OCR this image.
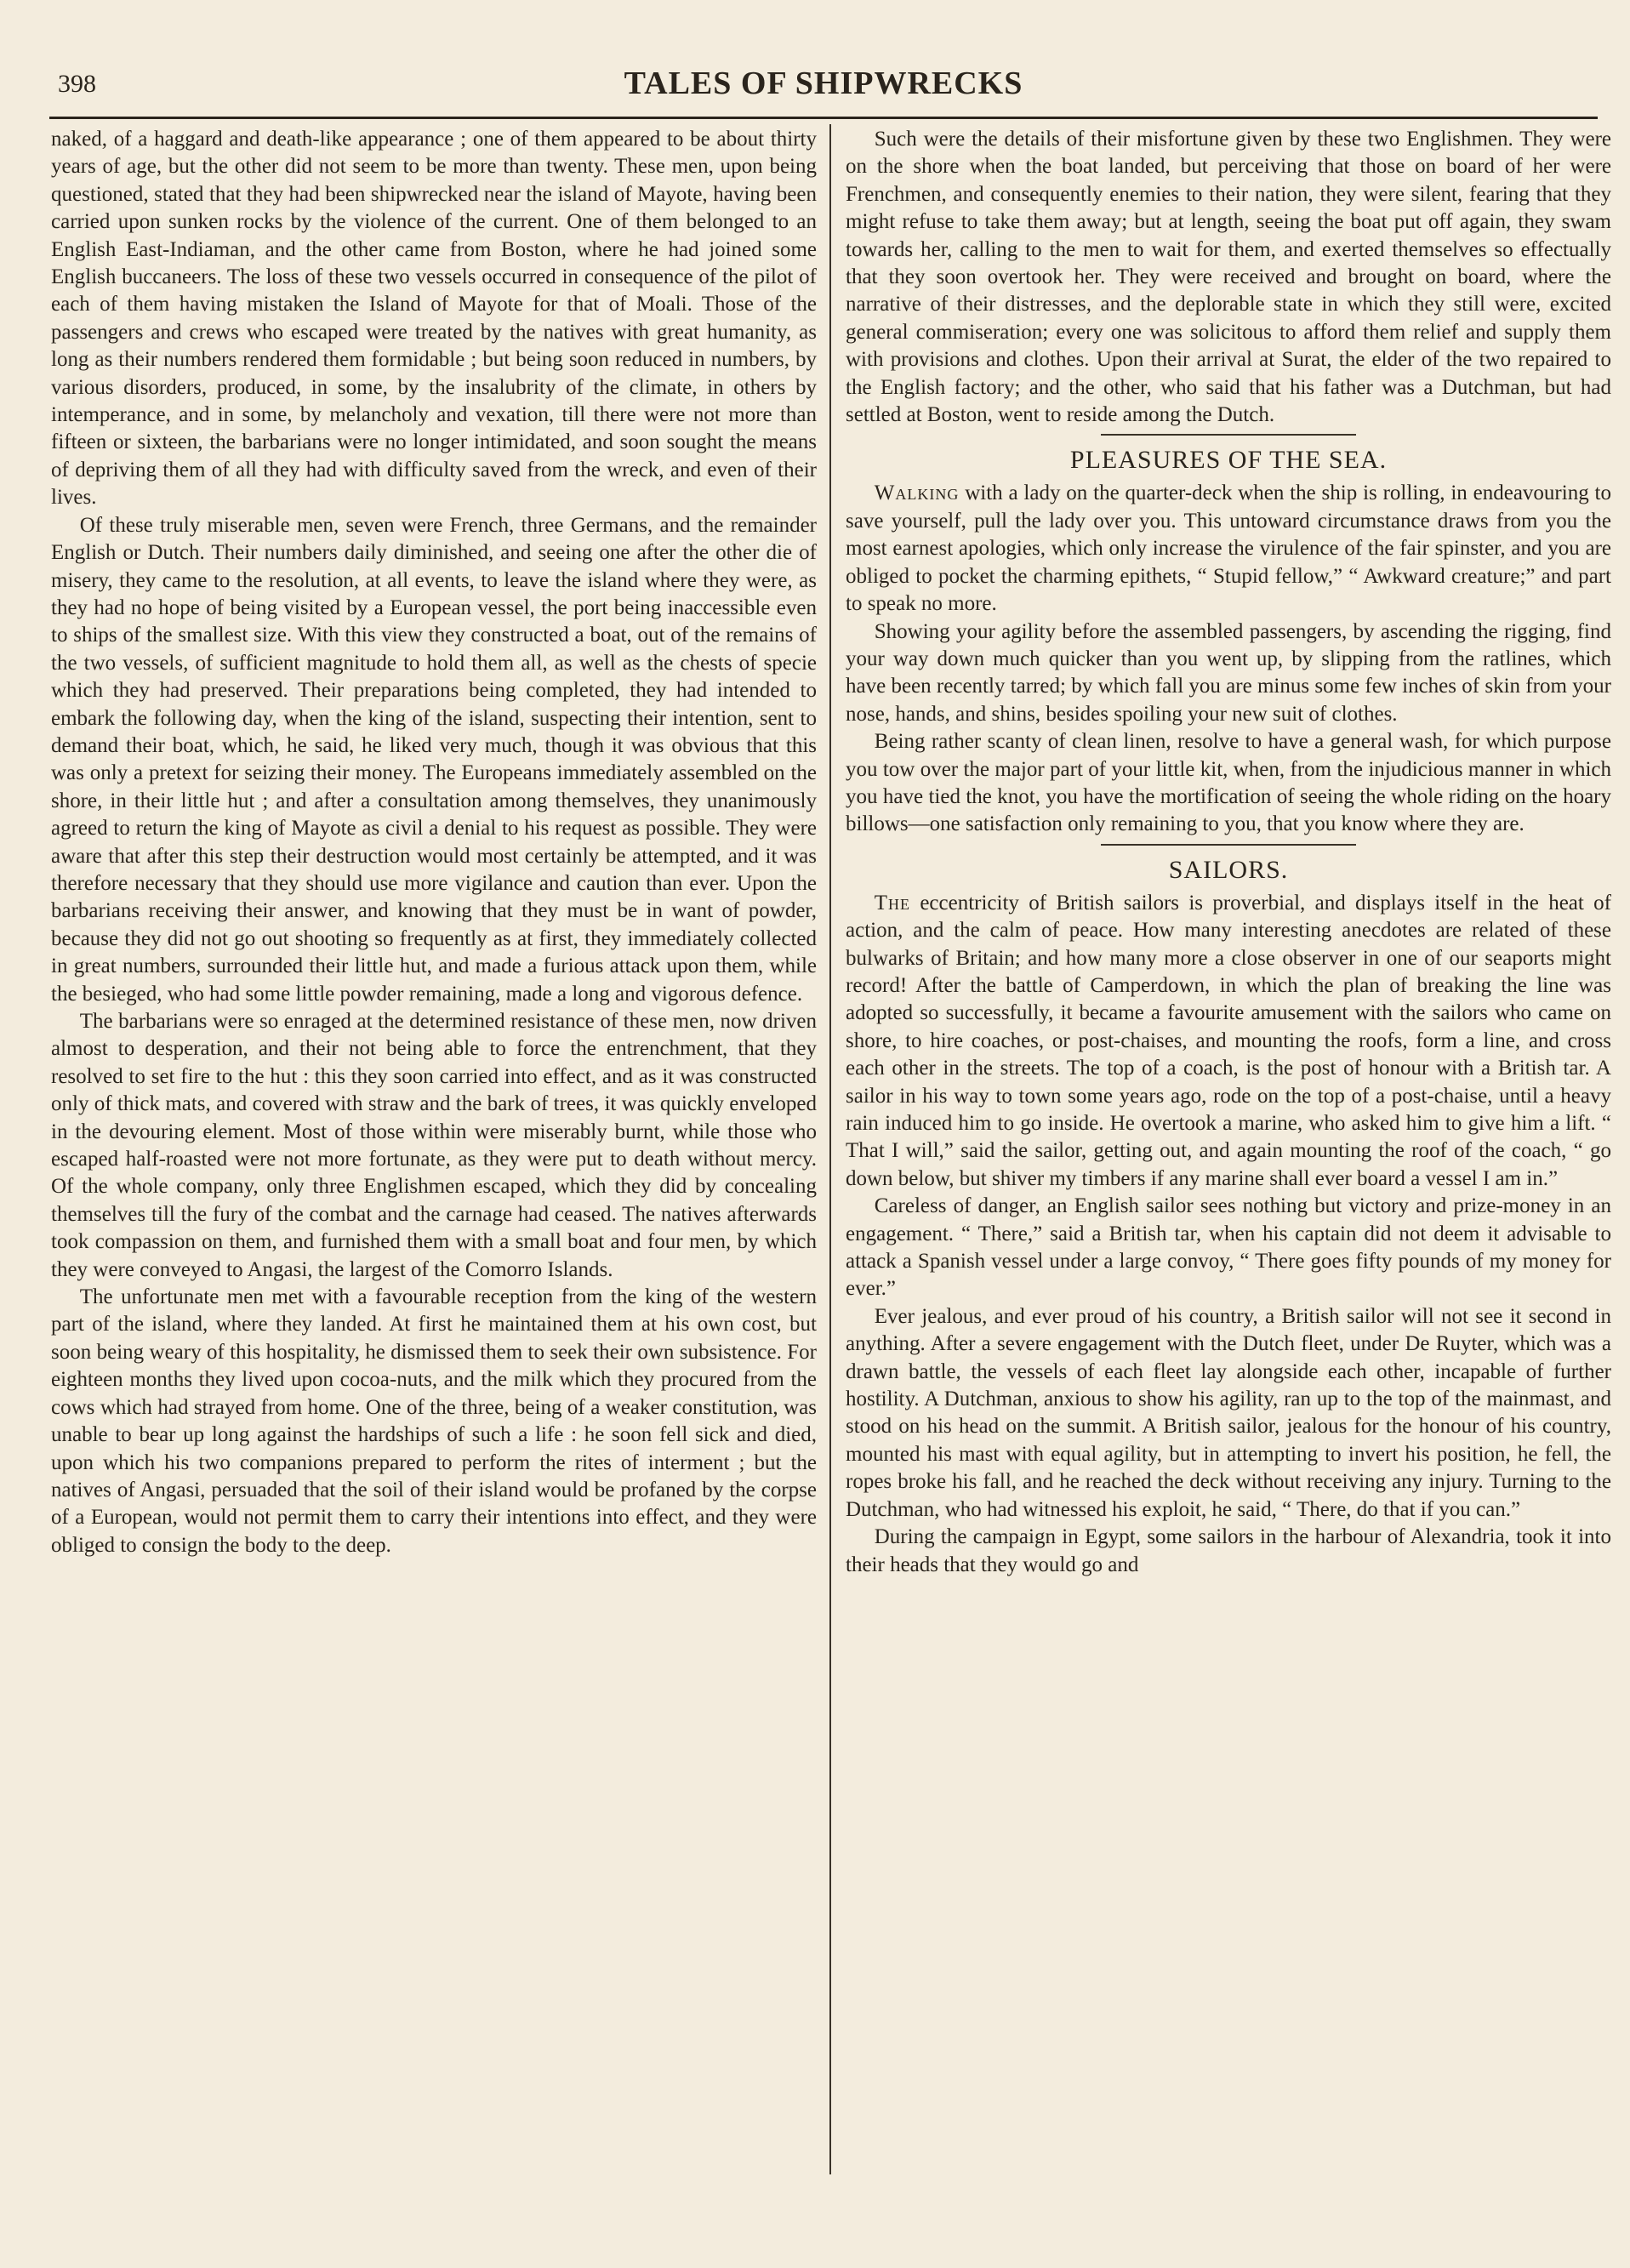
398	TALES OF SHIPWRECKS

naked, of a haggard and death-like appearance ; one of them appeared to be about thirty years of age, but the other did not seem to be more than twenty. These men, upon being questioned, stated that they had been shipwrecked near the island of Mayote, having been carried upon sunken rocks by the violence of the current. One of them belonged to an English East-Indiaman, and the other came from Boston, where he had joined some English buccaneers. The loss of these two vessels occurred in consequence of the pilot of each of them having mistaken the Island of Mayote for that of Moali. Those of the passengers and crews who escaped were treated by the natives with great humanity, as long as their numbers rendered them formidable ; but being soon reduced in numbers, by various disorders, produced, in some, by the insalubrity of the climate, in others by intemperance, and in some, by melancholy and vexation, till there were not more than fifteen or sixteen, the barbarians were no longer intimidated, and soon sought the means of depriving them of all they had with difficulty saved from the wreck, and even of their lives.

Of these truly miserable men, seven were French, three Germans, and the remainder English or Dutch. Their numbers daily diminished, and seeing one after the other die of misery, they came to the resolution, at all events, to leave the island where they were, as they had no hope of being visited by a European vessel, the port being inaccessible even to ships of the smallest size. With this view they constructed a boat, out of the remains of the two vessels, of sufficient magnitude to hold them all, as well as the chests of specie which they had preserved. Their preparations being completed, they had intended to embark the following day, when the king of the island, suspecting their intention, sent to demand their boat, which, he said, he liked very much, though it was obvious that this was only a pretext for seizing their money. The Europeans immediately assembled on the shore, in their little hut ; and after a consultation among themselves, they unanimously agreed to return the king of Mayote as civil a denial to his request as possible. They were aware that after this step their destruction would most certainly be attempted, and it was therefore necessary that they should use more vigilance and caution than ever. Upon the barbarians receiving their answer, and knowing that they must be in want of powder, because they did not go out shooting so frequently as at first, they immediately collected in great numbers, surrounded their little hut, and made a furious attack upon them, while the besieged, who had some little powder remaining, made a long and vigorous defence.

The barbarians were so enraged at the determined resistance of these men, now driven almost to desperation, and their not being able to force the entrenchment, that they resolved to set fire to the hut : this they soon carried into effect, and as it was constructed only of thick mats, and covered with straw and the bark of trees, it was quickly enveloped in the devouring element. Most of those within were miserably burnt, while those who escaped half-roasted were not more fortunate, as they were put to death without mercy. Of the whole company, only three Englishmen escaped, which they did by concealing themselves till the fury of the combat and the carnage had ceased. The natives afterwards took compassion on them, and furnished them with a small boat and four men, by which they were conveyed to Angasi, the largest of the Comorro Islands.

The unfortunate men met with a favourable reception from the king of the western part of the island, where they landed. At first he maintained them at his own cost, but soon being weary of this hospitality, he dismissed them to seek their own subsistence. For eighteen months they lived upon cocoa-nuts, and the milk which they procured from the cows which had strayed from home. One of the three, being of a weaker constitution, was unable to bear up long against the hardships of such a life : he soon fell sick and died, upon which his two companions prepared to perform the rites of interment ; but the natives of Angasi, persuaded that the soil of their island would be profaned by the corpse of a European, would not permit them to carry their intentions into effect, and they were obliged to consign the body to the deep.

Such were the details of their misfortune given by these two Englishmen. They were on the shore when the boat landed, but perceiving that those on board of her were Frenchmen, and consequently enemies to their nation, they were silent, fearing that they might refuse to take them away; but at length, seeing the boat put off again, they swam towards her, calling to the men to wait for them, and exerted themselves so effectually that they soon overtook her. They were received and brought on board, where the narrative of their distresses, and the deplorable state in which they still were, excited general commiseration; every one was solicitous to afford them relief and supply them with provisions and clothes. Upon their arrival at Surat, the elder of the two repaired to the English factory; and the other, who said that his father was a Dutchman, but had settled at Boston, went to reside among the Dutch.

PLEASURES OF THE SEA.

Walking with a lady on the quarter-deck when the ship is rolling, in endeavouring to save yourself, pull the lady over you. This untoward circumstance draws from you the most earnest apologies, which only increase the virulence of the fair spinster, and you are obliged to pocket the charming epithets, “ Stupid fellow,” “ Awkward creature;” and part to speak no more.

Showing your agility before the assembled passengers, by ascending the rigging, find your way down much quicker than you went up, by slipping from the ratlines, which have been recently tarred; by which fall you are minus some few inches of skin from your nose, hands, and shins, besides spoiling your new suit of clothes.

Being rather scanty of clean linen, resolve to have a general wash, for which purpose you tow over the major part of your little kit, when, from the injudicious manner in which you have tied the knot, you have the mortification of seeing the whole riding on the hoary billows—one satisfaction only remaining to you, that you know where they are.

SAILORS.

The eccentricity of British sailors is proverbial, and displays itself in the heat of action, and the calm of peace. How many interesting anecdotes are related of these bulwarks of Britain; and how many more a close observer in one of our seaports might record! After the battle of Camperdown, in which the plan of breaking the line was adopted so successfully, it became a favourite amusement with the sailors who came on shore, to hire coaches, or post-chaises, and mounting the roofs, form a line, and cross each other in the streets. The top of a coach, is the post of honour with a British tar. A sailor in his way to town some years ago, rode on the top of a post-chaise, until a heavy rain induced him to go inside. He overtook a marine, who asked him to give him a lift. “ That I will,” said the sailor, getting out, and again mounting the roof of the coach, “ go down below, but shiver my timbers if any marine shall ever board a vessel I am in.”

Careless of danger, an English sailor sees nothing but victory and prize-money in an engagement. “ There,” said a British tar, when his captain did not deem it advisable to attack a Spanish vessel under a large convoy, “ There goes fifty pounds of my money for ever.”

Ever jealous, and ever proud of his country, a British sailor will not see it second in anything. After a severe engagement with the Dutch fleet, under De Ruyter, which was a drawn battle, the vessels of each fleet lay alongside each other, incapable of further hostility. A Dutchman, anxious to show his agility, ran up to the top of the mainmast, and stood on his head on the summit. A British sailor, jealous for the honour of his country, mounted his mast with equal agility, but in attempting to invert his position, he fell, the ropes broke his fall, and he reached the deck without receiving any injury. Turning to the Dutchman, who had witnessed his exploit, he said, “ There, do that if you can.”

During the campaign in Egypt, some sailors in the harbour of Alexandria, took it into their heads that they would go and
